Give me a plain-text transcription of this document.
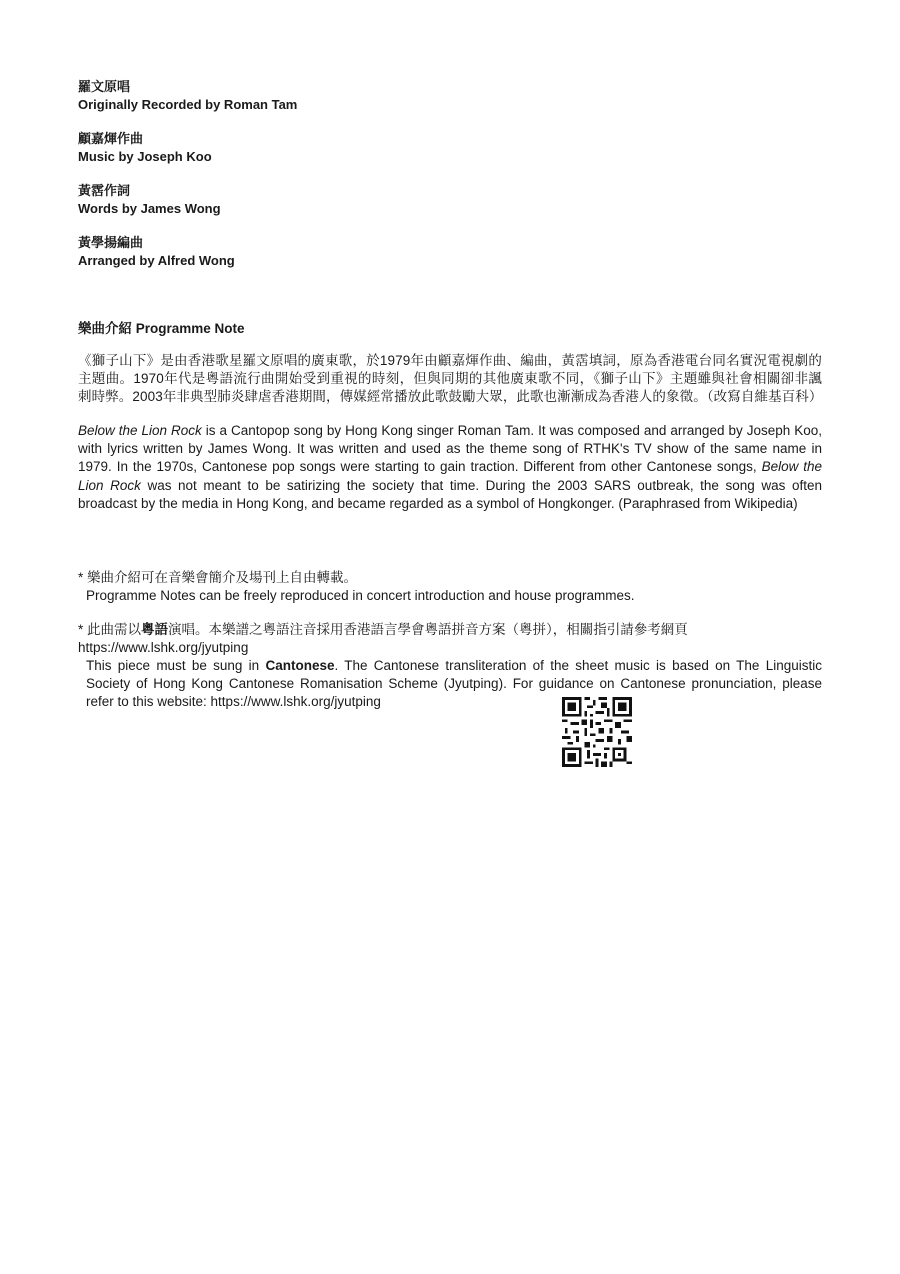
羅文原唱
Originally Recorded by Roman Tam
顧嘉煇作曲
Music by Joseph Koo
黃霑作詞
Words by James Wong
黃學揚編曲
Arranged by Alfred Wong
樂曲介紹 Programme Note
《獅子山下》是由香港歌星羅文原唱的廣東歌，於1979年由顧嘉煇作曲、編曲，黃霑填詞，原為香港電台同名實況電視劇的主題曲。1970年代是粵語流行曲開始受到重視的時刻，但與同期的其他廣東歌不同，《獅子山下》主題雖與社會相關卻非諷刺時弊。2003年非典型肺炎肆虐香港期間，傳媒經常播放此歌鼓勵大眾，此歌也漸漸成為香港人的象徵。（改寫自維基百科）
Below the Lion Rock is a Cantopop song by Hong Kong singer Roman Tam. It was composed and arranged by Joseph Koo, with lyrics written by James Wong. It was written and used as the theme song of RTHK's TV show of the same name in 1979. In the 1970s, Cantonese pop songs were starting to gain traction. Different from other Cantonese songs, Below the Lion Rock was not meant to be satirizing the society that time. During the 2003 SARS outbreak, the song was often broadcast by the media in Hong Kong, and became regarded as a symbol of Hongkonger. (Paraphrased from Wikipedia)
* 樂曲介紹可在音樂會簡介及場刊上自由轉載。
Programme Notes can be freely reproduced in concert introduction and house programmes.
* 此曲需以粵語演唱。本樂譜之粵語注音採用香港語言學會粵語拼音方案（粵拼），相關指引請參考網頁 https://www.lshk.org/jyutping
This piece must be sung in Cantonese. The Cantonese transliteration of the sheet music is based on The Linguistic Society of Hong Kong Cantonese Romanisation Scheme (Jyutping). For guidance on Cantonese pronunciation, please refer to this website: https://www.lshk.org/jyutping
